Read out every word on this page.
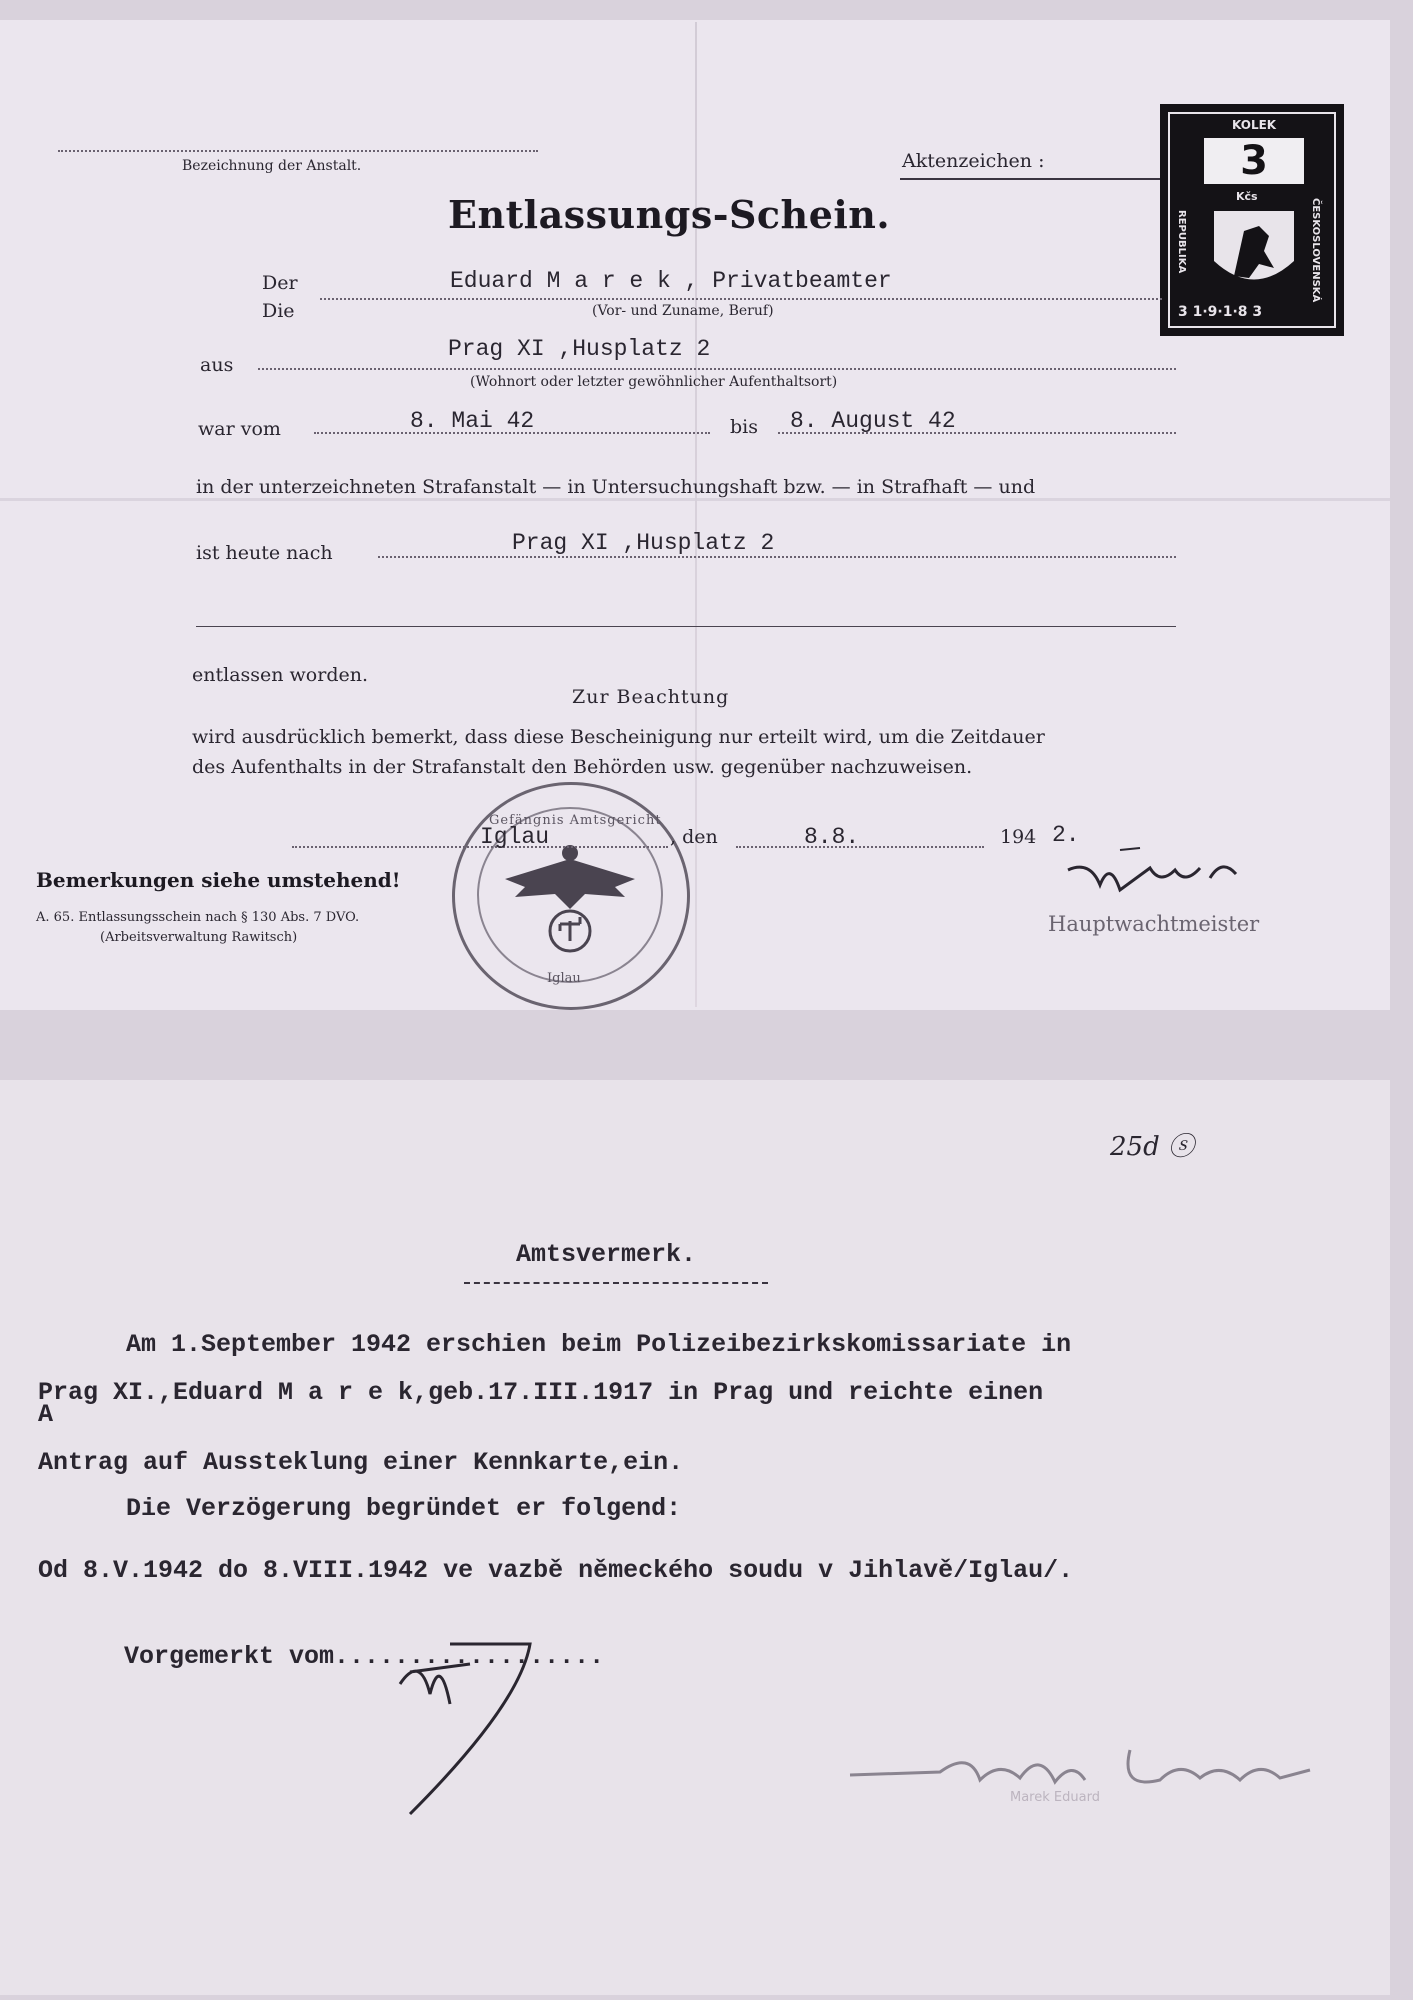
Bezeichnung der Anstalt.	Aktenzeichen :
Entlassungs-Schein.
KOLEK
3
Kčs
REPUBLIKA	ČESKOSLOVENSKÁ
3 1·9·1·8 3
Der
Die
Eduard M a r e k , Privatbeamter
(Vor- und Zuname, Beruf)
aus
Prag XI ,Husplatz 2
(Wohnort oder letzter gewöhnlicher Aufenthaltsort)
war vom	8. Mai 42	bis 8. August 42
in der unterzeichneten Strafanstalt — in Untersuchungshaft bzw. — in Strafhaft — und
ist heute nach	Prag XI ,Husplatz 2
entlassen worden.
Zur Beachtung
wird ausdrücklich bemerkt, dass diese Bescheinigung nur erteilt wird, um die Zeitdauer
des Aufenthalts in der Strafanstalt den Behörden usw. gegenüber nachzuweisen.
Gefängnis Amtsgericht
Iglau
Iglau	, den	8.8.	194 2.
Bemerkungen siehe umstehend!
A. 65. Entlassungsschein nach § 130 Abs. 7 DVO.
(Arbeitsverwaltung Rawitsch)
Hauptwachtmeister
25d ⓢ
Amtsvermerk.
Am 1.September 1942 erschien beim Polizeibezirkskomissariate in
Prag XI.,Eduard M a r e k,geb.17.III.1917 in Prag und reichte einen
A
Antrag auf Aussteklung einer Kennkarte,ein.
Die Verzögerung begründet er folgend:
Od 8.V.1942 do 8.VIII.1942 ve vazbě německého soudu v Jihlavě/Iglau/.
Vorgemerkt vom..................
Marek Eduard
